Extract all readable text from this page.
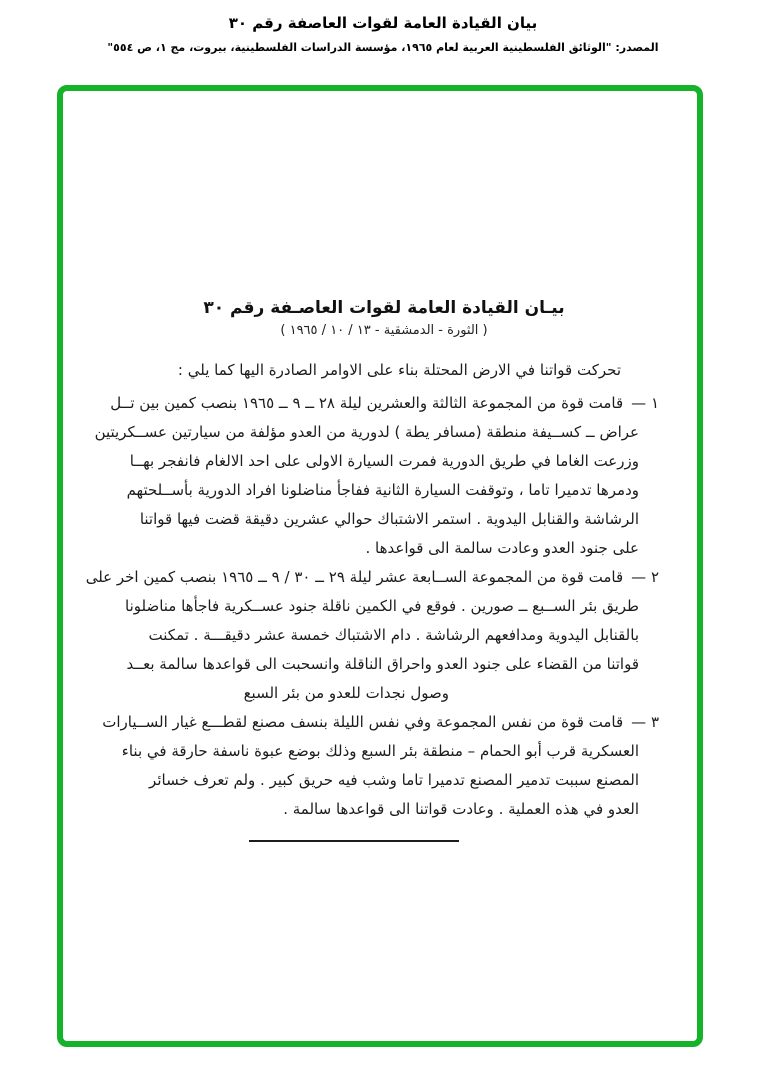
بيان القيادة العامة لقوات العاصفة رقم ٣٠
المصدر: "الوثائق الفلسطينية العربية لعام ١٩٦٥، مؤسسة الدراسات الفلسطينية، بيروت، مج ١، ص ٥٥٤"
بيـان القيادة العامة لقوات العاصـفة رقم ٣٠
( الثورة - الدمشقية - ١٣ / ١٠ / ١٩٦٥ )

تحركت قواتنا في الارض المحتلة بناء على الاوامر الصادرة اليها كما يلي :

١ —قامت قوة من المجموعة الثالثة والعشرين ليلة ٢٨ ــ ٩ ــ ١٩٦٥ بنصب كمين بين تــل
عراض ــ كســيفة منطقة (مسافر يطة ) لدورية من العدو مؤلفة من سيارتين عســكريتين
وزرعت الغاما في طريق الدورية فمرت السيارة الاولى على احد الالغام فانفجر بهــا
ودمرها تدميرا تاما ، وتوقفت السيارة الثانية ففاجأ مناضلونا افراد الدورية بأســلحتهم
الرشاشة والقنابل اليدوية . استمر الاشتباك حوالي عشرين دقيقة قضت فيها قواتنا
على جنود العدو وعادت سالمة الى قواعدها .
٢ —قامت قوة من المجموعة الســابعة عشر ليلة ٢٩ ــ ٣٠ / ٩ ــ ١٩٦٥ بنصب كمين اخر على
طريق بئر الســبع ــ صورين . فوقع في الكمين ناقلة جنود عســكرية فاجأها مناضلونا
بالقنابل اليدوية ومدافعهم الرشاشة . دام الاشتباك خمسة عشر دقيقـــة . تمكنت
قواتنا من القضاء على جنود العدو واحراق الناقلة وانسحبت الى قواعدها سالمة بعــد
وصول نجدات للعدو من بئر السبع
٣ —قامت قوة من نفس المجموعة وفي نفس الليلة بنسف مصنع لقطـــع غيار الســيارات
العسكرية قرب أبو الحمام – منطقة بئر السبع وذلك بوضع عبوة ناسفة حارقة في بناء
المصنع سببت تدمير المصنع تدميرا تاما وشب فيه حريق كبير . ولم تعرف خسائر
العدو في هذه العملية . وعادت قواتنا الى قواعدها سالمة .
